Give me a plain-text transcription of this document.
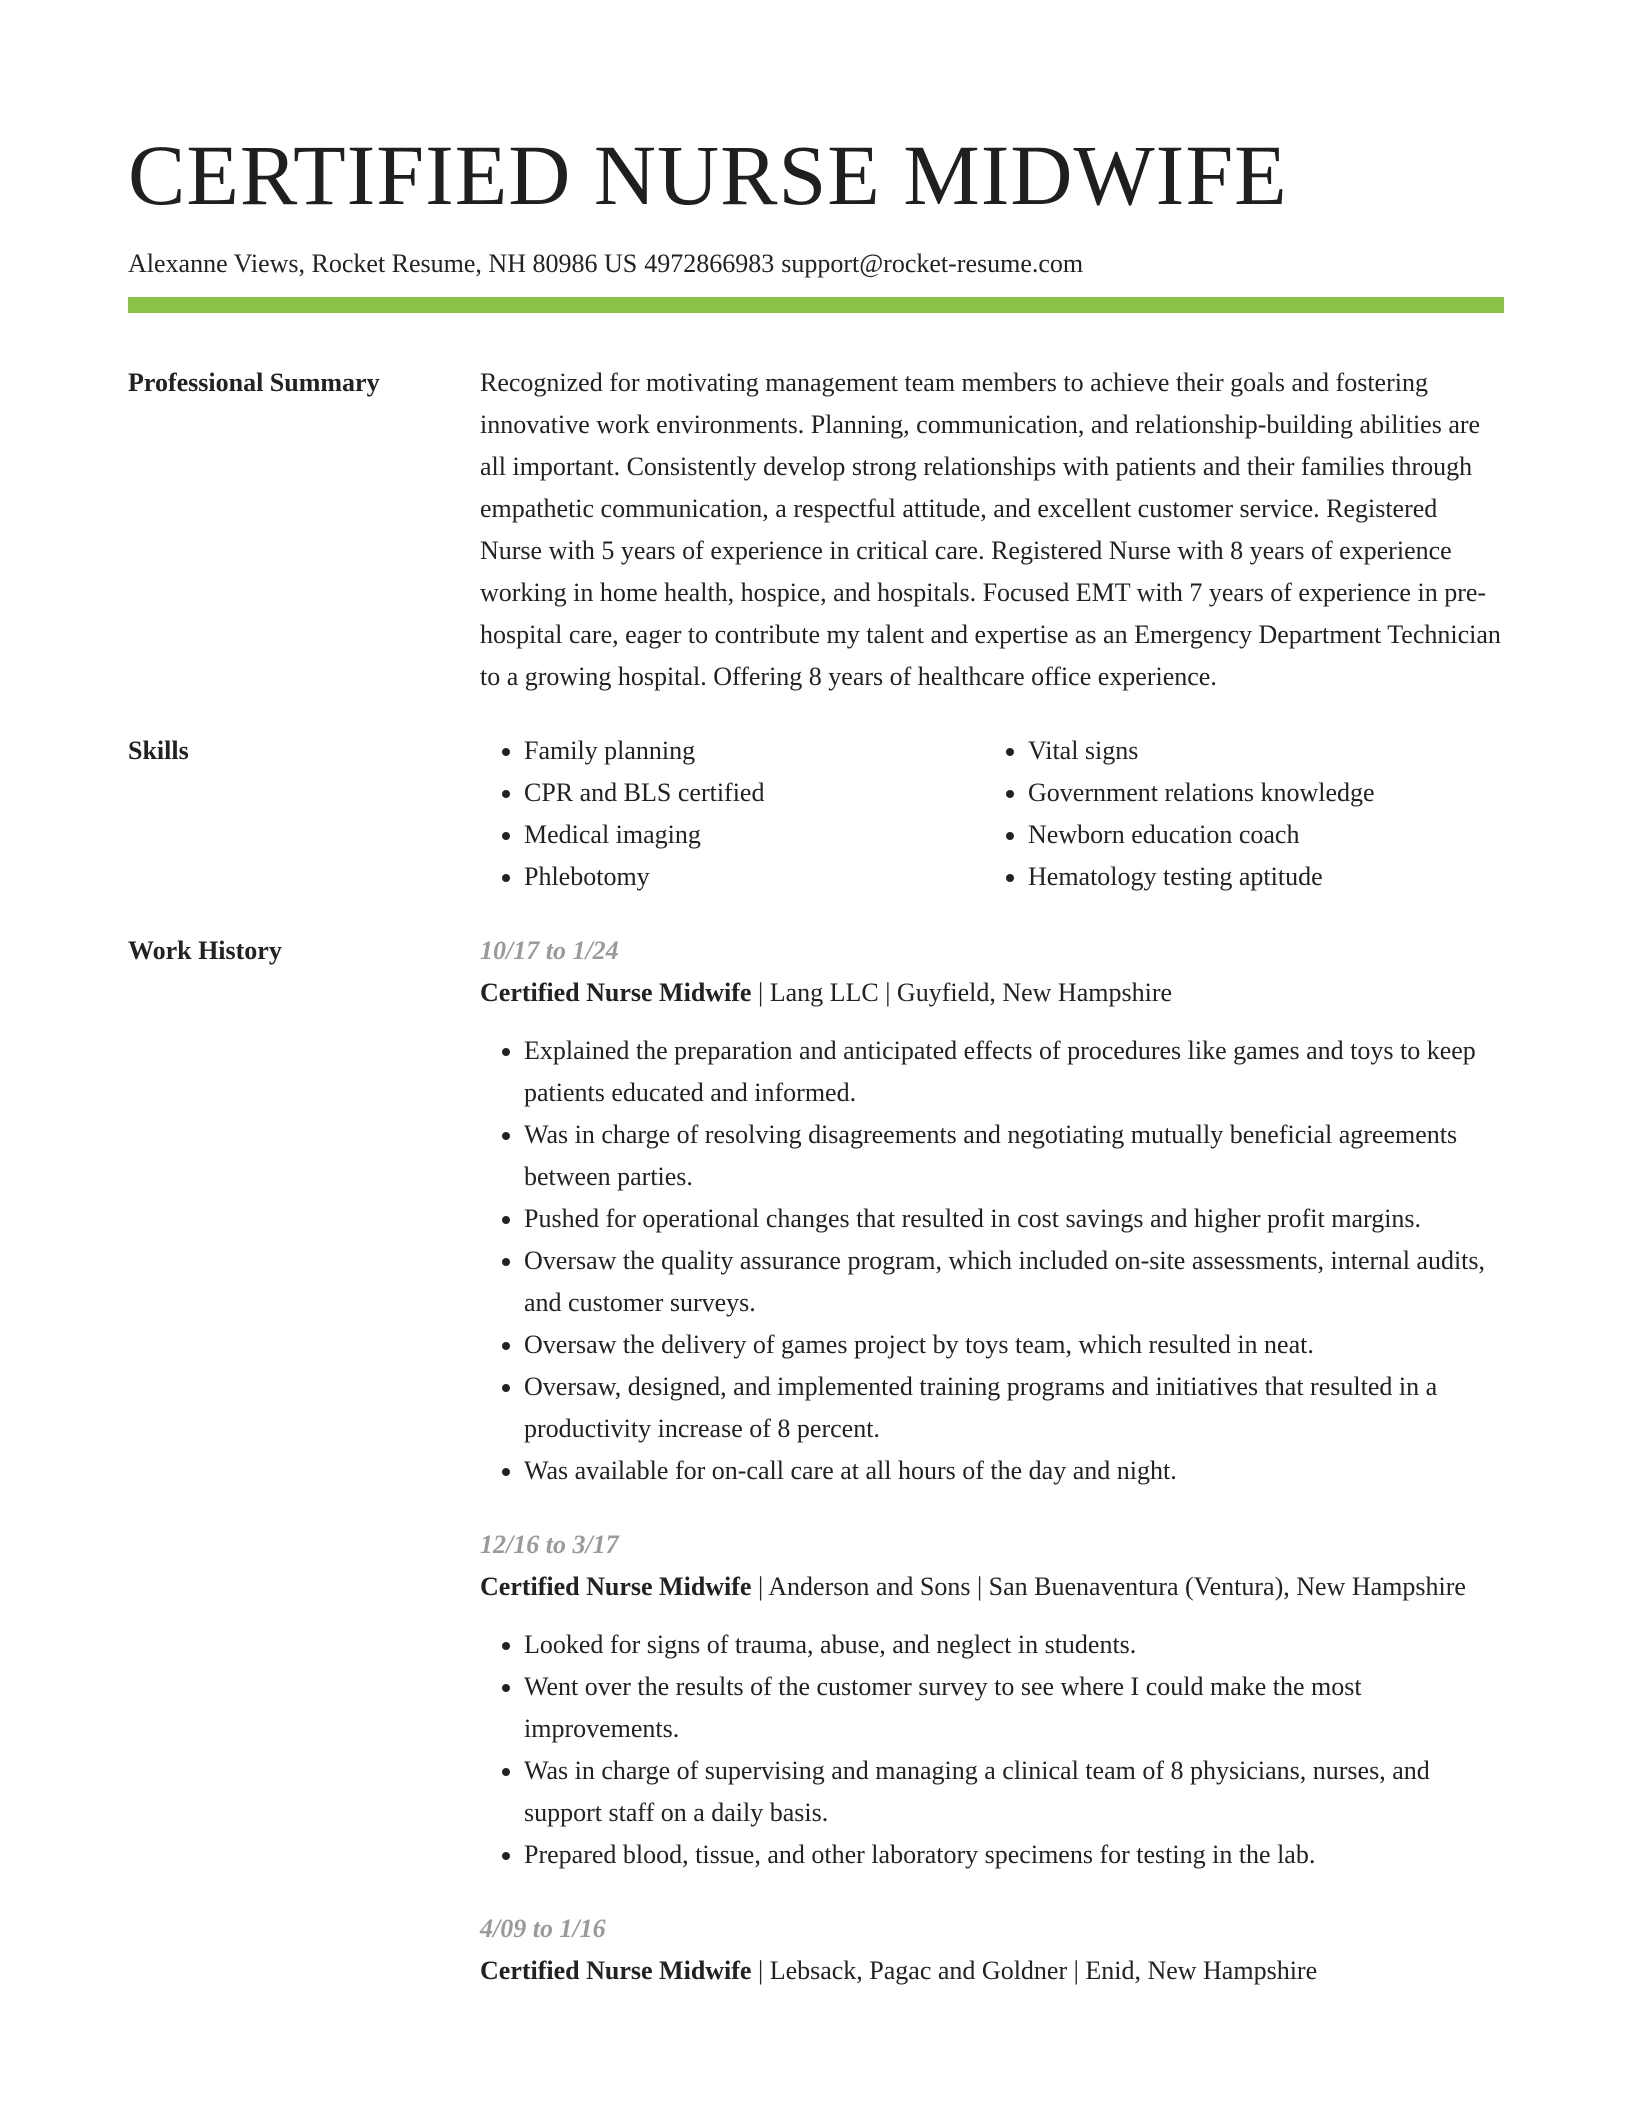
CERTIFIED NURSE MIDWIFE
Alexanne Views, Rocket Resume, NH 80986 US 4972866983 support@rocket-resume.com
Professional Summary	Recognized for motivating management team members to achieve their goals and fostering innovative work environments. Planning, communication, and relationship-building abilities are all important. Consistently develop strong relationships with patients and their families through empathetic communication, a respectful attitude, and excellent customer service. Registered Nurse with 5 years of experience in critical care. Registered Nurse with 8 years of experience working in home health, hospice, and hospitals. Focused EMT with 7 years of experience in pre-hospital care, eager to contribute my talent and expertise as an Emergency Department Technician to a growing hospital. Offering 8 years of healthcare office experience.

Skills
•	Family planning
• CPR and BLS certified
• Medical imaging
• Phlebotomy
• Vital signs
• Government relations knowledge
• Newborn education coach
• Hematology testing aptitude
Work History	10/17 to 1/24
Certified Nurse Midwife | Lang LLC | Guyfield, New Hampshire
• Explained the preparation and anticipated effects of procedures like games and toys to keep patients educated and informed.
• Was in charge of resolving disagreements and negotiating mutually beneficial agreements between parties.
• Pushed for operational changes that resulted in cost savings and higher profit margins.
• Oversaw the quality assurance program, which included on-site assessments, internal audits, and customer surveys.
• Oversaw the delivery of games project by toys team, which resulted in neat.
• Oversaw, designed, and implemented training programs and initiatives that resulted in a productivity increase of 8 percent.
• Was available for on-call care at all hours of the day and night.
12/16 to 3/17
Certified Nurse Midwife | Anderson and Sons | San Buenaventura (Ventura), New Hampshire
• Looked for signs of trauma, abuse, and neglect in students.
• Went over the results of the customer survey to see where I could make the most improvements.
• Was in charge of supervising and managing a clinical team of 8 physicians, nurses, and support staff on a daily basis.
• Prepared blood, tissue, and other laboratory specimens for testing in the lab.
4/09 to 1/16
Certified Nurse Midwife | Lebsack, Pagac and Goldner | Enid, New Hampshire
